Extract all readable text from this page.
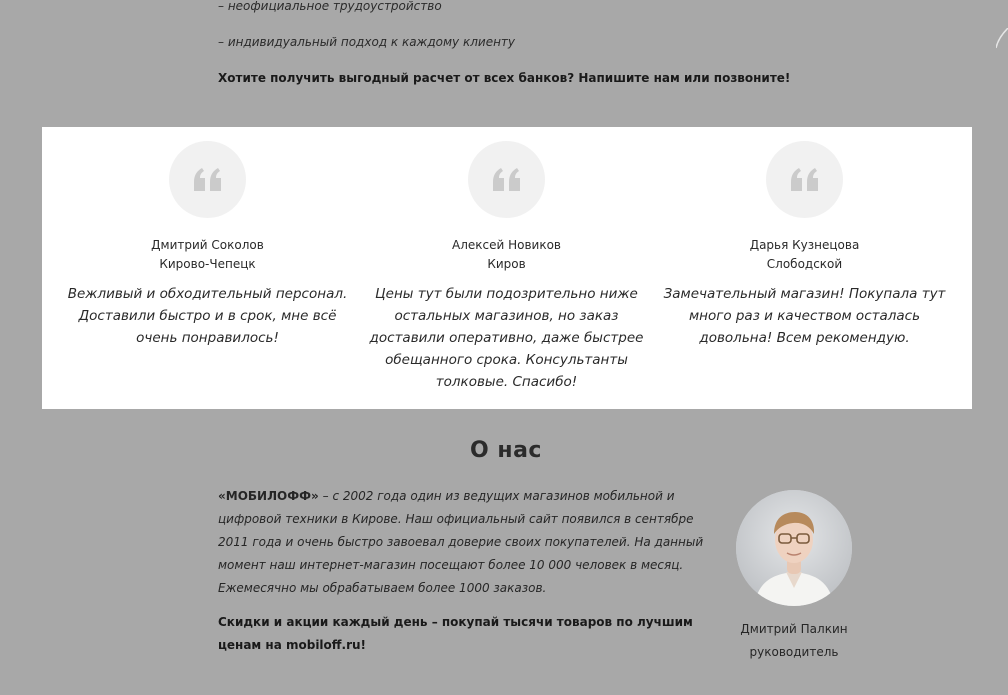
– неофициальное трудоустройство
– индивидуальный подход к каждому клиенту
Хотите получить выгодный расчет от всех банков? Напишите нам или позвоните!
Дмитрий Соколов
Кирово-Чепецк
Вежливый и обходительный персонал. Доставили быстро и в срок, мне всё очень понравилось!
Алексей Новиков
Киров
Цены тут были подозрительно ниже остальных магазинов, но заказ доставили оперативно, даже быстрее обещанного срока. Консультанты толковые. Спасибо!
Дарья Кузнецова
Слободской
Замечательный магазин! Покупала тут много раз и качеством осталась довольна! Всем рекомендую.
О нас
«МОБИЛОФФ» – с 2002 года один из ведущих магазинов мобильной и цифровой техники в Кирове. Наш официальный сайт появился в сентябре 2011 года и очень быстро завоевал доверие своих покупателей. На данный момент наш интернет-магазин посещают более 10 000 человек в месяц. Ежемесячно мы обрабатываем более 1000 заказов.
Скидки и акции каждый день – покупай тысячи товаров по лучшим ценам на mobiloff.ru!
Дмитрий Палкин
руководитель
